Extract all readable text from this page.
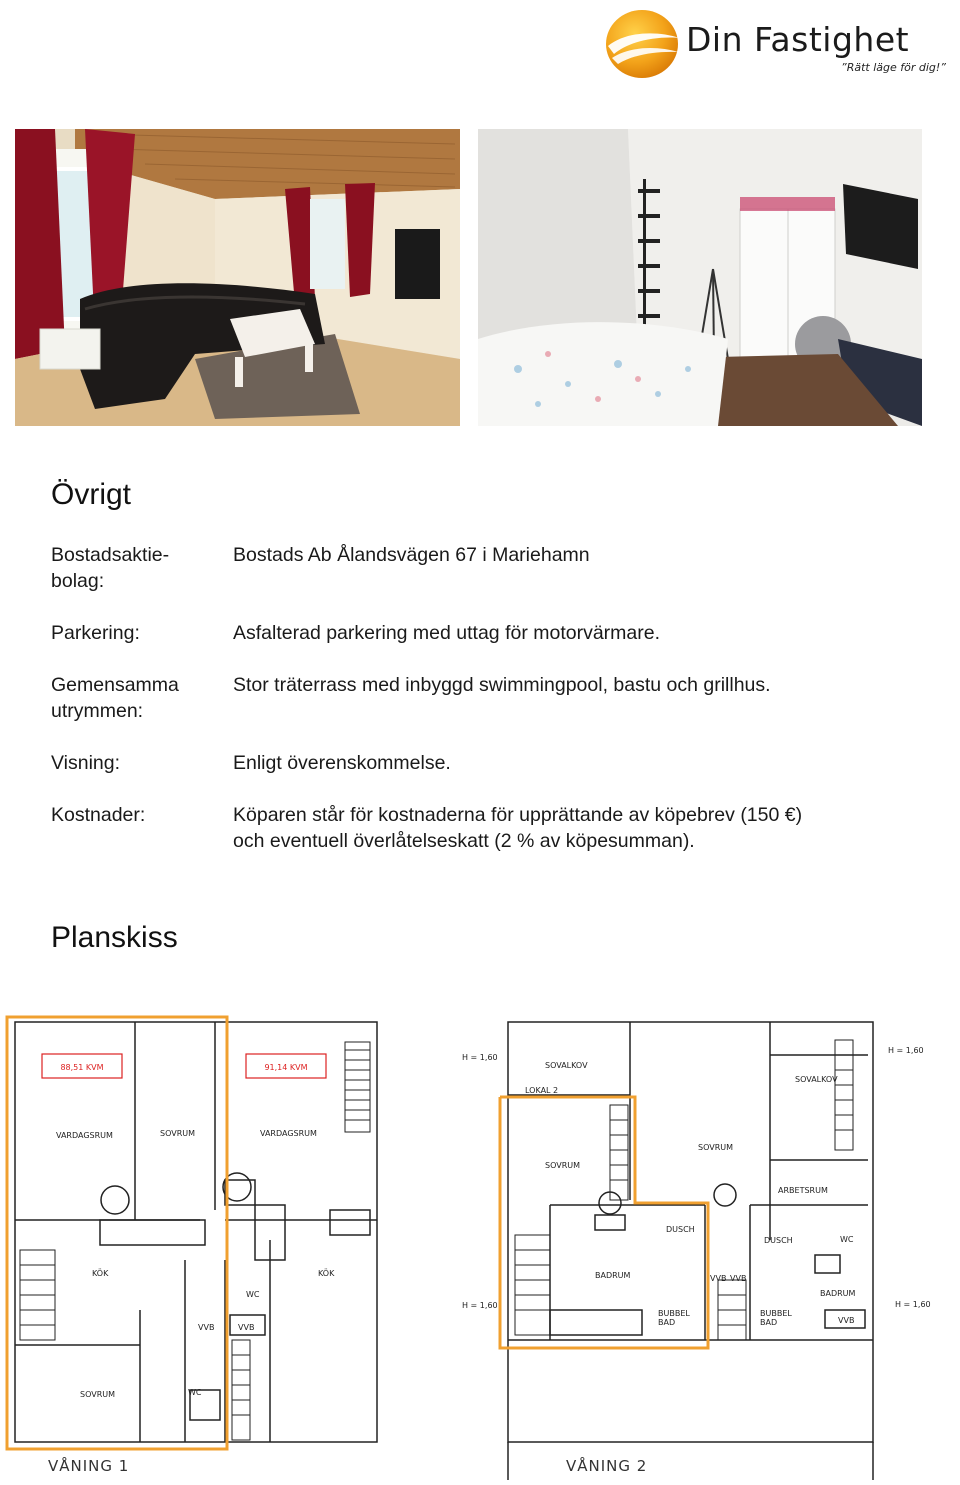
Din Fastighet
”Rätt läge för dig!”
Övrigt
Bostadsaktie-
bolag:
Bostads Ab Ålandsvägen 67 i Mariehamn
Parkering:	Asfalterad parkering med uttag för motorvärmare.
Gemensamma
utrymmen:
Stor träterrass med inbyggd swimmingpool, bastu och grillhus.
Visning:	Enligt överenskommelse.
Kostnader:	Köparen står för kostnaderna för upprättande av köpebrev (150 €)
och eventuell överlåtelseskatt (2 % av köpesumman).
Planskiss
88,51 KVM	91,14 KVM
VARDAGSRUM	SOVRUM	VARDAGSRUM
KÖK	KÖK
SOVRUM
WC
WC
VVB	VVB
VÅNING 1
H = 1,60
H = 1,60
H = 1,60	H = 1,60
SOVALKOV
LOKAL 2
SOVRUM
SOVRUM
SOVALKOV
ARBETSRUM
DUSCH
DUSCH	WC
BADRUM
BADRUM
BUBBEL BAD
BUBBEL BAD
VVB VVB
VVB
VÅNING 2
